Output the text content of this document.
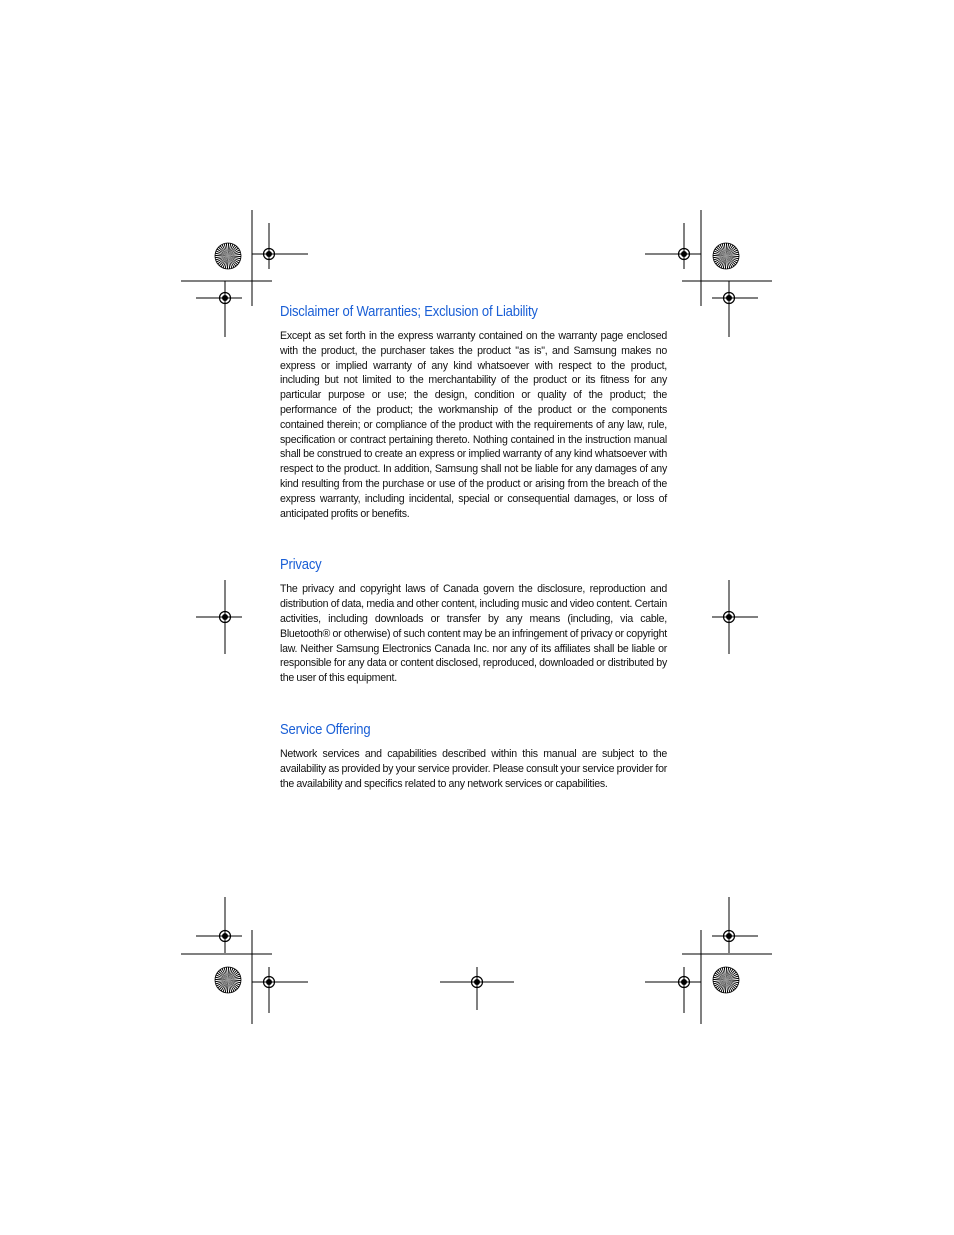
Disclaimer of Warranties; Exclusion of Liability

Except as set forth in the express warranty contained on the warranty page enclosed with the product, the purchaser takes the product "as is", and Samsung makes no express or implied warranty of any kind whatsoever with respect to the product, including but not limited to the merchantability of the product or its fitness for any particular purpose or use; the design, condition or quality of the product; the performance of the product; the workmanship of the product or the components contained therein; or compliance of the product with the requirements of any law, rule, specification or contract pertaining thereto. Nothing contained in the instruction manual shall be construed to create an express or implied warranty of any kind whatsoever with respect to the product. In addition, Samsung shall not be liable for any damages of any kind resulting from the purchase or use of the product or arising from the breach of the express warranty, including incidental, special or consequential damages, or loss of anticipated profits or benefits.

Privacy

The privacy and copyright laws of Canada govern the disclosure, reproduction and distribution of data, media and other content, including music and video content. Certain activities, including downloads or transfer by any means (including, via cable, Bluetooth® or otherwise) of such content may be an infringement of privacy or copyright law. Neither Samsung Electronics Canada Inc. nor any of its affiliates shall be liable or responsible for any data or content disclosed, reproduced, downloaded or distributed by the user of this equipment.

Service Offering

Network services and capabilities described within this manual are subject to the availability as provided by your service provider. Please consult your service provider for the availability and specifics related to any network services or capabilities.
